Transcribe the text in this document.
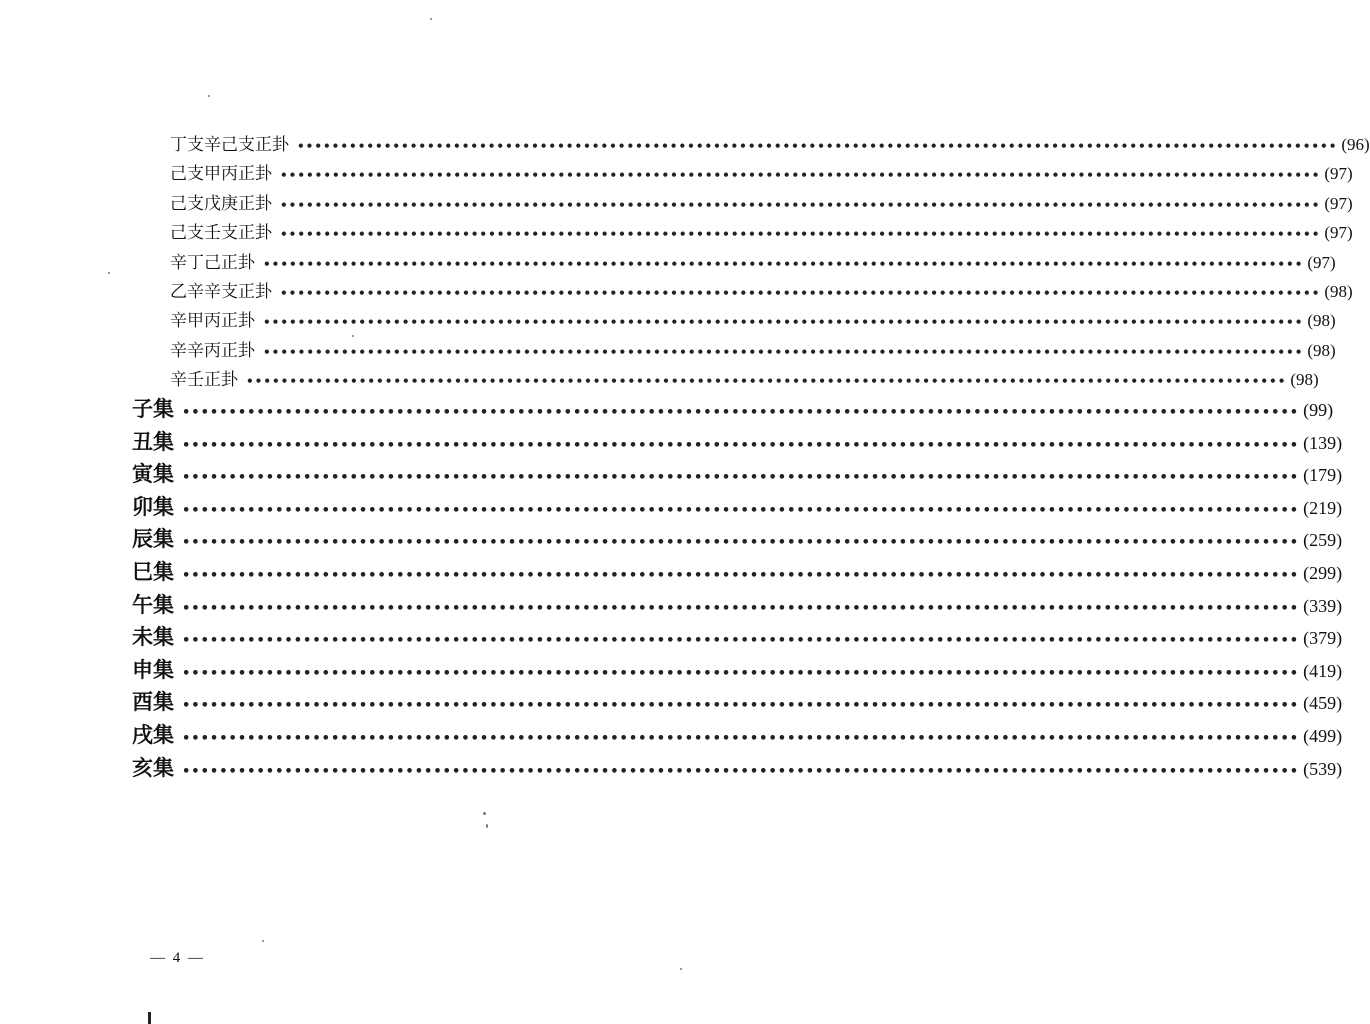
丁支辛己支正卦 •••••••••••••••••••••••••••••••••••••••••••••••••••••••••••••••••••••••••••••••••••••••••••••••••••••••••••••••••••••••• (96)
己支甲丙正卦 •••••••••••••••••••••••••••••••••••••••••••••••••••••••••••••••••••••••••••••••••••••••••••••••••••••••••••••••••••••••• (97)
己支戊庚正卦 •••••••••••••••••••••••••••••••••••••••••••••••••••••••••••••••••••••••••••••••••••••••••••••••••••••••••••••••••••••••• (97)
己支壬支正卦 •••••••••••••••••••••••••••••••••••••••••••••••••••••••••••••••••••••••••••••••••••••••••••••••••••••••••••••••••••••••• (97)
辛丁己正卦 •••••••••••••••••••••••••••••••••••••••••••••••••••••••••••••••••••••••••••••••••••••••••••••••••••••••••••••••••••••••• (97)
乙辛辛支正卦 •••••••••••••••••••••••••••••••••••••••••••••••••••••••••••••••••••••••••••••••••••••••••••••••••••••••••••••••••••••••• (98)
辛甲丙正卦 •••••••••••••••••••••••••••••••••••••••••••••••••••••••••••••••••••••••••••••••••••••••••••••••••••••••••••••••••••••••• (98)
辛辛丙正卦 •••••••••••••••••••••••••••••••••••••••••••••••••••••••••••••••••••••••••••••••••••••••••••••••••••••••••••••••••••••••• (98)
辛壬正卦 •••••••••••••••••••••••••••••••••••••••••••••••••••••••••••••••••••••••••••••••••••••••••••••••••••••••••••••••••••••••• (98)
子集 •••••••••••••••••••••••••••••••••••••••••••••••••••••••••••••••••••••••••••••••••••••••••••••••••••••••••••••••••••••••• (99)
丑集 •••••••••••••••••••••••••••••••••••••••••••••••••••••••••••••••••••••••••••••••••••••••••••••••••••••••••••••••••••••••• (139)
寅集 •••••••••••••••••••••••••••••••••••••••••••••••••••••••••••••••••••••••••••••••••••••••••••••••••••••••••••••••••••••••• (179)
卯集 •••••••••••••••••••••••••••••••••••••••••••••••••••••••••••••••••••••••••••••••••••••••••••••••••••••••••••••••••••••••• (219)
辰集 •••••••••••••••••••••••••••••••••••••••••••••••••••••••••••••••••••••••••••••••••••••••••••••••••••••••••••••••••••••••• (259)
巳集 •••••••••••••••••••••••••••••••••••••••••••••••••••••••••••••••••••••••••••••••••••••••••••••••••••••••••••••••••••••••• (299)
午集 •••••••••••••••••••••••••••••••••••••••••••••••••••••••••••••••••••••••••••••••••••••••••••••••••••••••••••••••••••••••• (339)
未集 •••••••••••••••••••••••••••••••••••••••••••••••••••••••••••••••••••••••••••••••••••••••••••••••••••••••••••••••••••••••• (379)
申集 •••••••••••••••••••••••••••••••••••••••••••••••••••••••••••••••••••••••••••••••••••••••••••••••••••••••••••••••••••••••• (419)
酉集 •••••••••••••••••••••••••••••••••••••••••••••••••••••••••••••••••••••••••••••••••••••••••••••••••••••••••••••••••••••••• (459)
戌集 •••••••••••••••••••••••••••••••••••••••••••••••••••••••••••••••••••••••••••••••••••••••••••••••••••••••••••••••••••••••• (499)
亥集 •••••••••••••••••••••••••••••••••••••••••••••••••••••••••••••••••••••••••••••••••••••••••••••••••••••••••••••••••••••••• (539)
— 4 —
